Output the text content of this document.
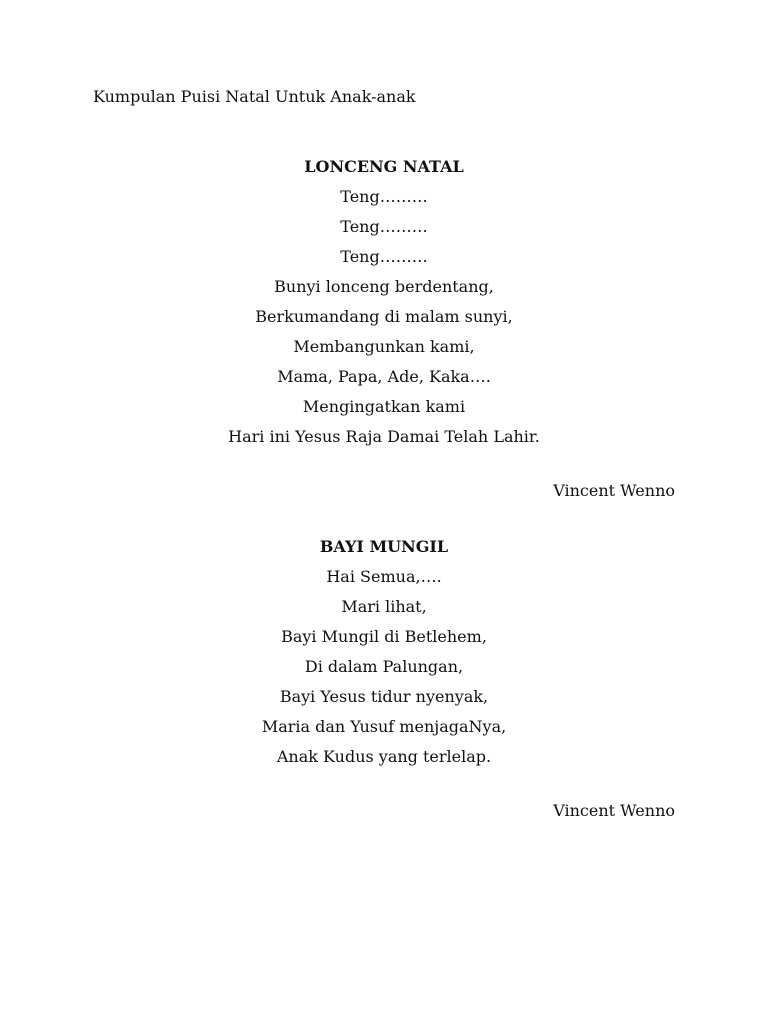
Kumpulan Puisi Natal Untuk Anak-anak
LONCENG NATAL
Teng………
Teng………
Teng………
Bunyi lonceng berdentang,
Berkumandang di malam sunyi,
Membangunkan kami,
Mama, Papa, Ade, Kaka….
Mengingatkan kami
Hari ini Yesus Raja Damai Telah Lahir.
Vincent Wenno
BAYI MUNGIL
Hai Semua,….
Mari lihat,
Bayi Mungil di Betlehem,
Di dalam Palungan,
Bayi Yesus tidur nyenyak,
Maria dan Yusuf menjagaNya,
Anak Kudus yang terlelap.
Vincent Wenno
